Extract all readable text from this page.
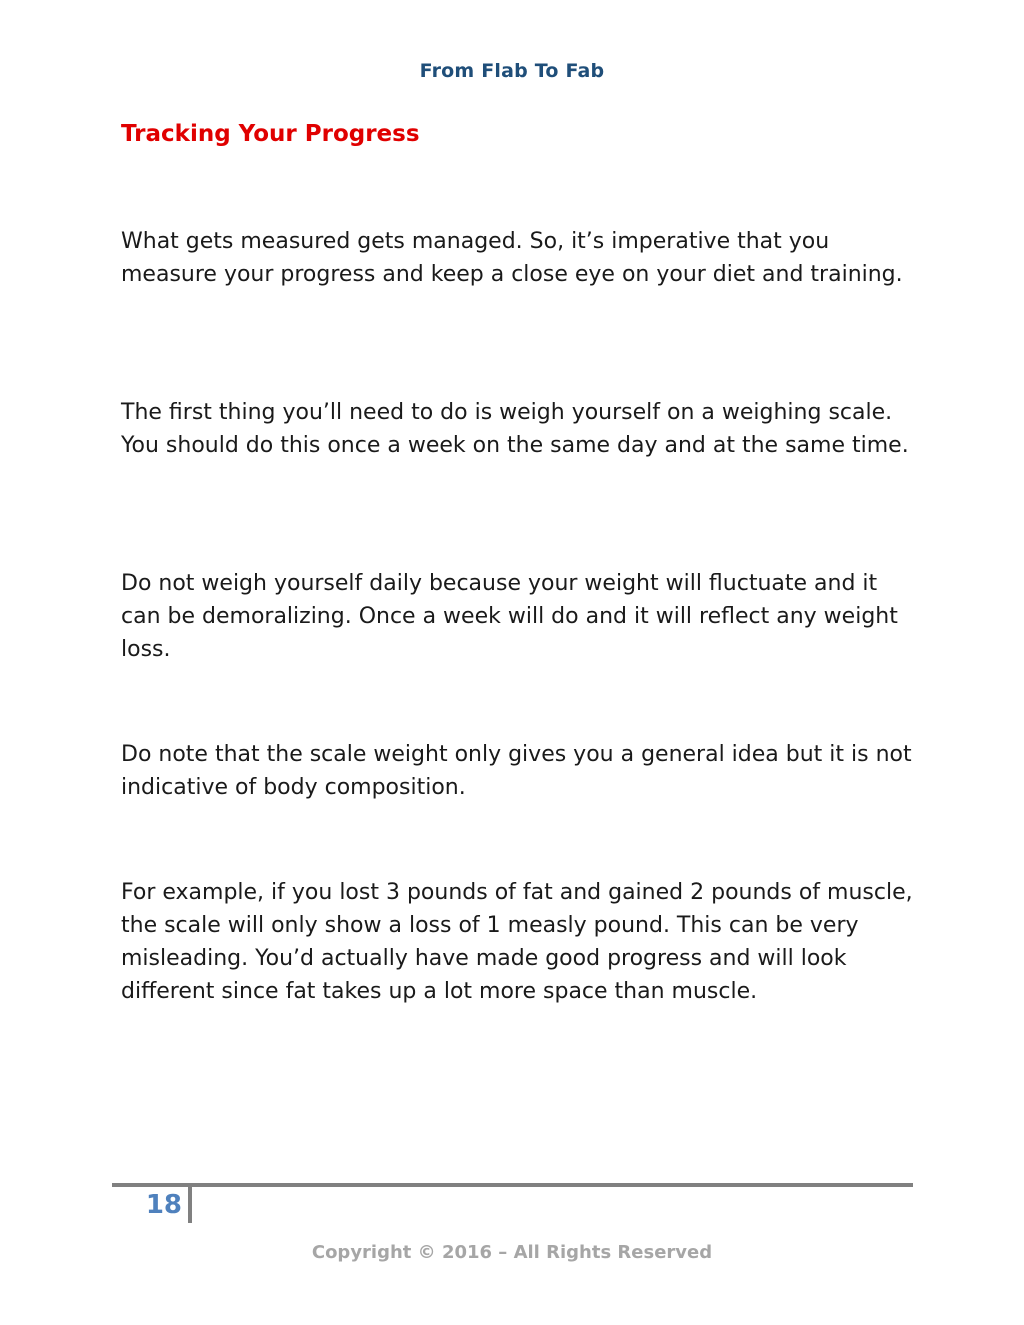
From Flab To Fab
Tracking Your Progress

What gets measured gets managed. So, it’s imperative that you measure your progress and keep a close eye on your diet and training.

The first thing you’ll need to do is weigh yourself on a weighing scale. You should do this once a week on the same day and at the same time.

Do not weigh yourself daily because your weight will fluctuate and it can be demoralizing. Once a week will do and it will reflect any weight loss.

Do note that the scale weight only gives you a general idea but it is not indicative of body composition.

For example, if you lost 3 pounds of fat and gained 2 pounds of muscle, the scale will only show a loss of 1 measly pound. This can be very misleading. You’d actually have made good progress and will look different since fat takes up a lot more space than muscle.

18
Copyright © 2016 – All Rights Reserved
